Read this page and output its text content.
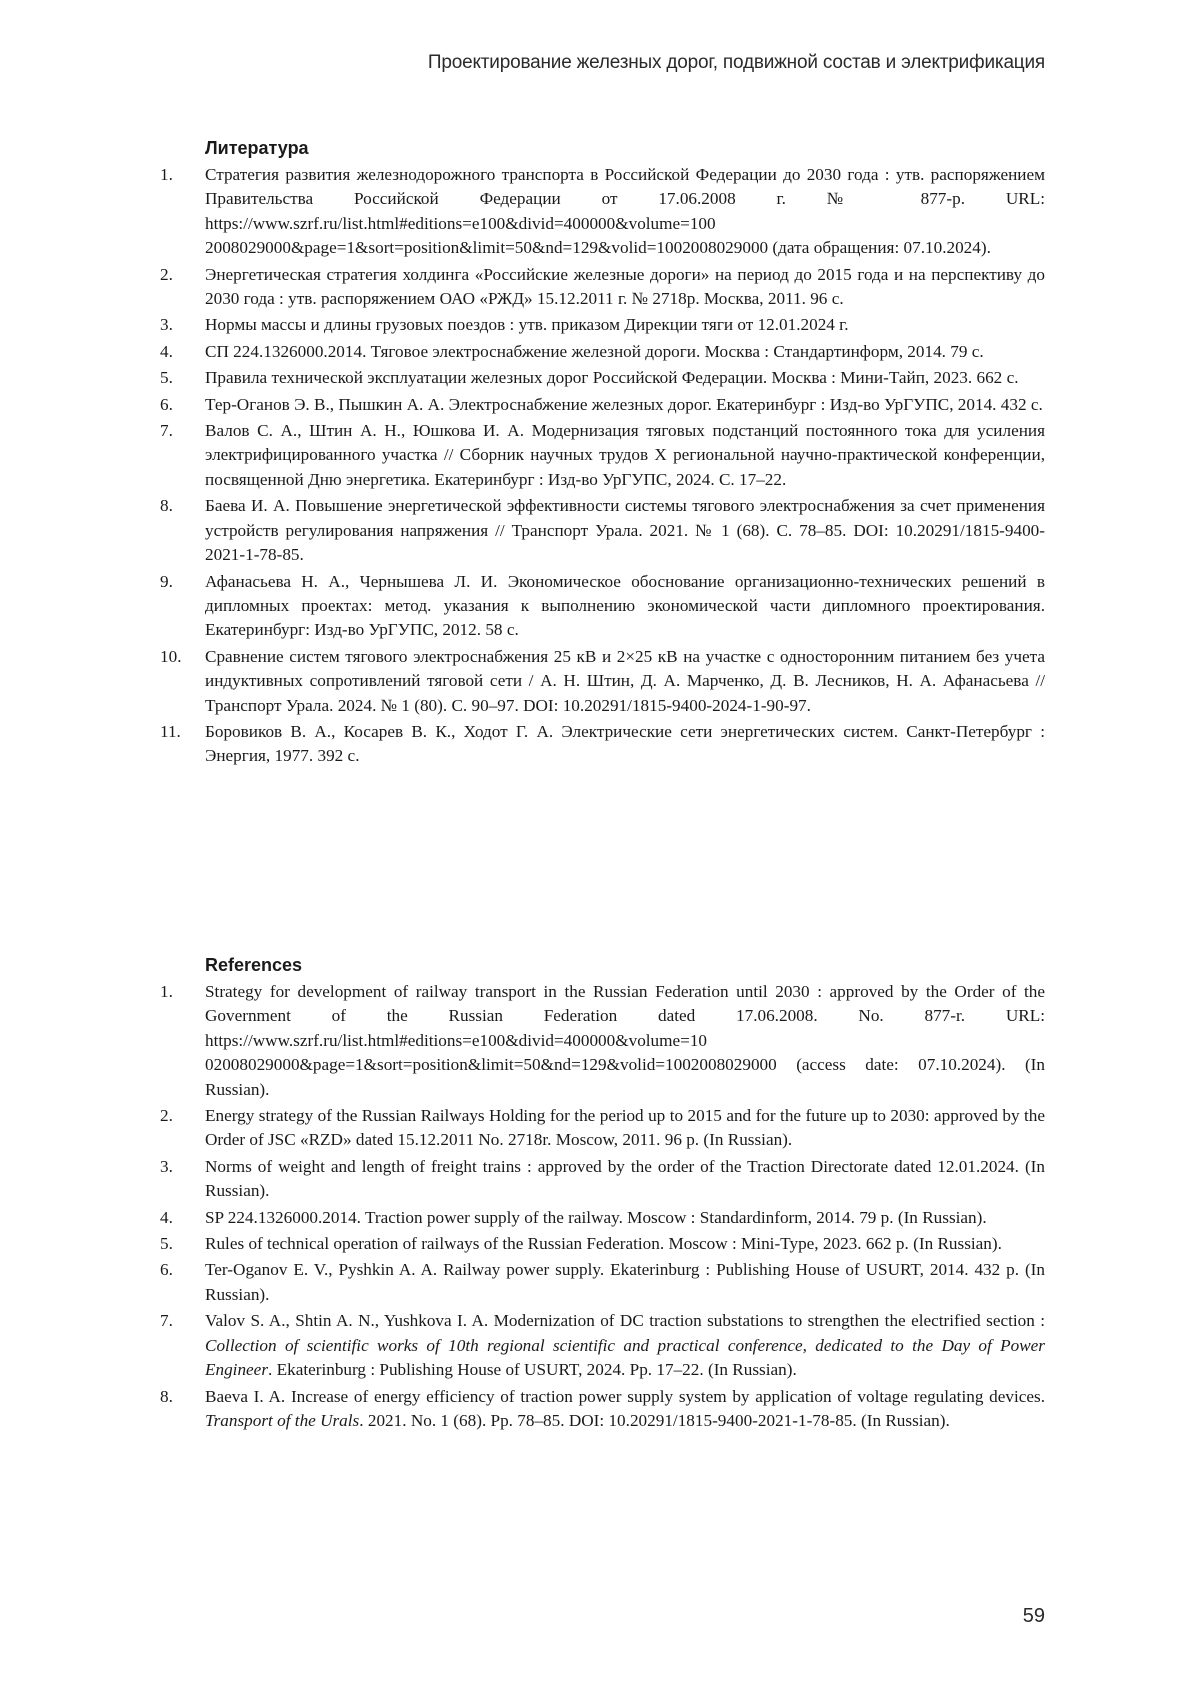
Проектирование железных дорог, подвижной состав и электрификация
Литература
1. Стратегия развития железнодорожного транспорта в Российской Федерации до 2030 года : утв. распоряжением Правительства Российской Федерации от 17.06.2008 г. № 877-р. URL: https://www.szrf.ru/list.html#editions=e100&divid=400000&volume=100 2008029000&page=1&sort=position&limit=50&nd=129&volid=1002008029000 (дата обращения: 07.10.2024).
2. Энергетическая стратегия холдинга «Российские железные дороги» на период до 2015 года и на перспективу до 2030 года : утв. распоряжением ОАО «РЖД» 15.12.2011 г. № 2718р. Москва, 2011. 96 с.
3. Нормы массы и длины грузовых поездов : утв. приказом Дирекции тяги от 12.01.2024 г.
4. СП 224.1326000.2014. Тяговое электроснабжение железной дороги. Москва : Стандартинформ, 2014. 79 с.
5. Правила технической эксплуатации железных дорог Российской Федерации. Москва : Мини-Тайп, 2023. 662 с.
6. Тер-Оганов Э. В., Пышкин А. А. Электроснабжение железных дорог. Екатеринбург : Изд-во УрГУПС, 2014. 432 с.
7. Валов С. А., Штин А. Н., Юшкова И. А. Модернизация тяговых подстанций постоянного тока для усиления электрифицированного участка // Сборник научных трудов X региональной научно-практической конференции, посвященной Дню энергетика. Екатеринбург : Изд-во УрГУПС, 2024. С. 17–22.
8. Баева И. А. Повышение энергетической эффективности системы тягового электроснабжения за счет применения устройств регулирования напряжения // Транспорт Урала. 2021. № 1 (68). С. 78–85. DOI: 10.20291/1815-9400-2021-1-78-85.
9. Афанасьева Н. А., Чернышева Л. И. Экономическое обоснование организационно-технических решений в дипломных проектах: метод. указания к выполнению экономической части дипломного проектирования. Екатеринбург: Изд-во УрГУПС, 2012. 58 с.
10. Сравнение систем тягового электроснабжения 25 кВ и 2×25 кВ на участке с односторонним питанием без учета индуктивных сопротивлений тяговой сети / А. Н. Штин, Д. А. Марченко, Д. В. Лесников, Н. А. Афанасьева // Транспорт Урала. 2024. № 1 (80). С. 90–97. DOI: 10.20291/1815-9400-2024-1-90-97.
11. Боровиков В. А., Косарев В. К., Ходот Г. А. Электрические сети энергетических систем. Санкт-Петербург : Энергия, 1977. 392 с.
References
1. Strategy for development of railway transport in the Russian Federation until 2030 : approved by the Order of the Government of the Russian Federation dated 17.06.2008. No. 877-r. URL: https://www.szrf.ru/list.html#editions=e100&divid=400000&volume=10 02008029000&page=1&sort=position&limit=50&nd=129&volid=1002008029000 (access date: 07.10.2024). (In Russian).
2. Energy strategy of the Russian Railways Holding for the period up to 2015 and for the future up to 2030: approved by the Order of JSC «RZD» dated 15.12.2011 No. 2718r. Moscow, 2011. 96 p. (In Russian).
3. Norms of weight and length of freight trains : approved by the order of the Traction Directorate dated 12.01.2024. (In Russian).
4. SP 224.1326000.2014. Traction power supply of the railway. Moscow : Standardinform, 2014. 79 p. (In Russian).
5. Rules of technical operation of railways of the Russian Federation. Moscow : Mini-Type, 2023. 662 p. (In Russian).
6. Ter-Oganov E. V., Pyshkin A. A. Railway power supply. Ekaterinburg : Publishing House of USURT, 2014. 432 p. (In Russian).
7. Valov S. A., Shtin A. N., Yushkova I. A. Modernization of DC traction substations to strengthen the electrified section : Collection of scientific works of 10th regional scientific and practical conference, dedicated to the Day of Power Engineer. Ekaterinburg : Publishing House of USURT, 2024. Pp. 17–22. (In Russian).
8. Baeva I. A. Increase of energy efficiency of traction power supply system by application of voltage regulating devices. Transport of the Urals. 2021. No. 1 (68). Pp. 78–85. DOI: 10.20291/1815-9400-2021-1-78-85. (In Russian).
59
